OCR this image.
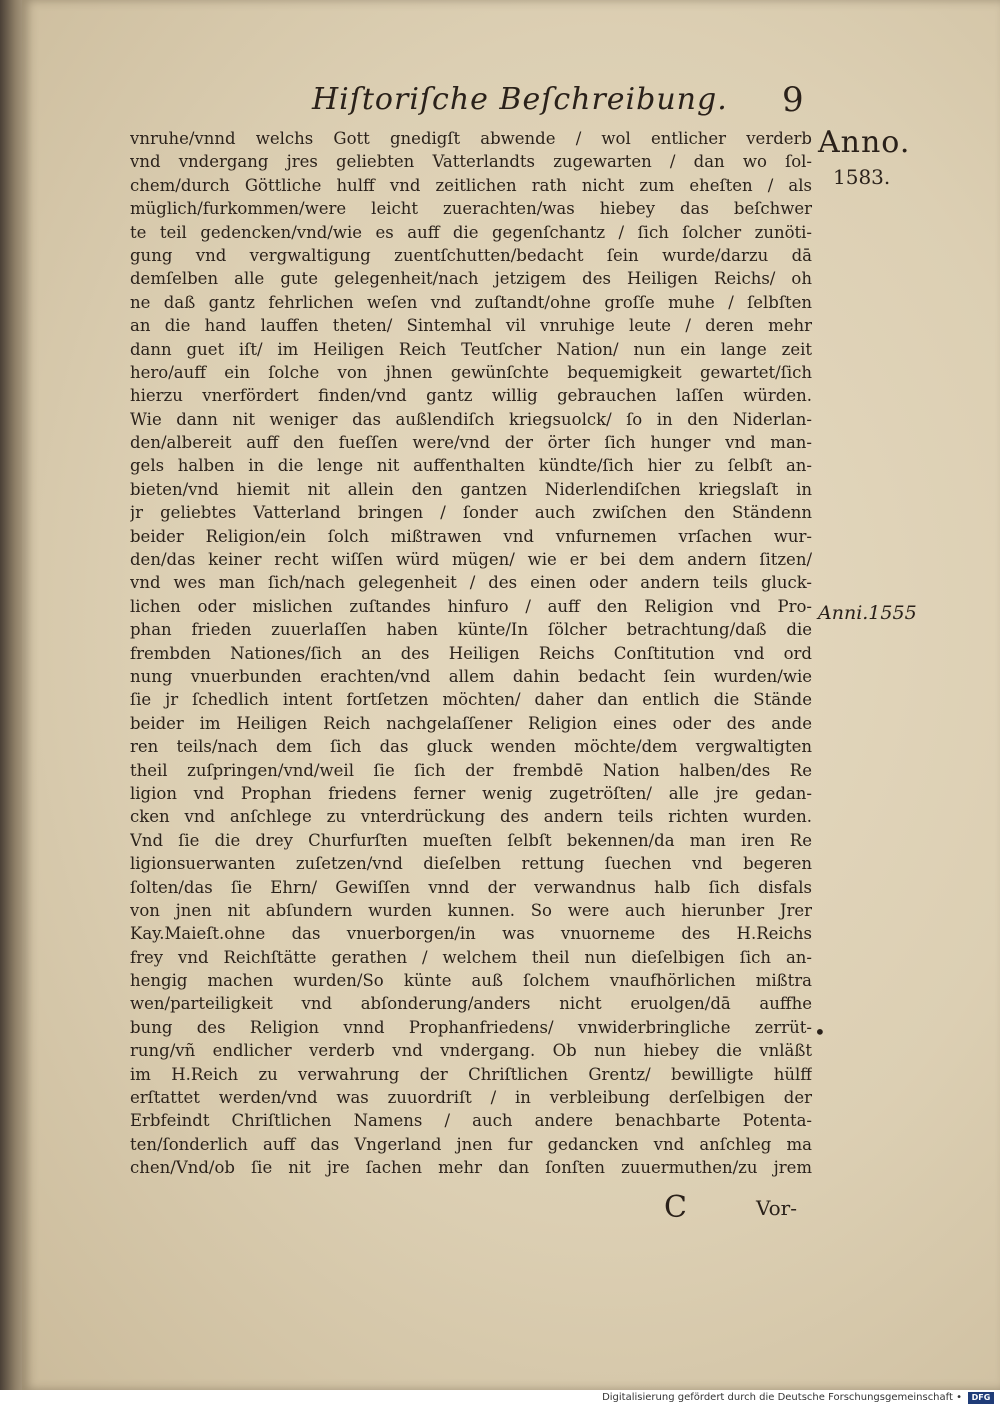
Hiſtoriſche Beſchreibung. 9
Anno.
1583.
Anni.1555
•
vnruhe/vnnd welchs Gott gnedigſt abwende / wol entlicher verderb
vnd vndergang jres geliebten Vatterlandts zugewarten / dan wo ſol-
chem/durch Göttliche hulff vnd zeitlichen rath nicht zum eheſten / als
müglich/furkommen/were leicht zuerachten/was hiebey das beſchwer
te teil gedencken/vnd/wie es auff die gegenſchantz / ſich ſolcher zunöti-
gung vnd vergwaltigung zuentſchutten/bedacht ſein wurde/darzu dā
demſelben alle gute gelegenheit/nach jetzigem des Heiligen Reichs/ oh
ne daß gantz fehrlichen weſen vnd zuſtandt/ohne groſſe muhe / ſelbſten
an die hand lauffen theten/ Sintemhal vil vnruhige leute / deren mehr
dann guet iſt/ im Heiligen Reich Teutſcher Nation/ nun ein lange zeit
hero/auff ein ſolche von jhnen gewünſchte bequemigkeit gewartet/ſich
hierzu vnerfördert finden/vnd gantz willig gebrauchen laſſen würden.
Wie dann nit weniger das außlendiſch kriegsuolck/ ſo in den Niderlan-
den/albereit auff den fueſſen were/vnd der örter ſich hunger vnd man-
gels halben in die lenge nit auffenthalten kündte/ſich hier zu ſelbſt an-
bieten/vnd hiemit nit allein den gantzen Niderlendiſchen kriegslaſt in
jr geliebtes Vatterland bringen / ſonder auch zwiſchen den Ständenn
beider Religion/ein ſolch mißtrawen vnd vnfurnemen vrſachen wur-
den/das keiner recht wiſſen würd mügen/ wie er bei dem andern ſitzen/
vnd wes man ſich/nach gelegenheit / des einen oder andern teils gluck-
lichen oder mislichen zuſtandes hinfuro / auff den Religion vnd Pro-
phan frieden zuuerlaſſen haben künte/In ſölcher betrachtung/daß die
frembden Nationes/ſich an des Heiligen Reichs Conſtitution vnd ord
nung vnuerbunden erachten/vnd allem dahin bedacht ſein wurden/wie
ſie jr ſchedlich intent fortſetzen möchten/ daher dan entlich die Stände
beider im Heiligen Reich nachgelaſſener Religion eines oder des ande
ren teils/nach dem ſich das gluck wenden möchte/dem vergwaltigten
theil zuſpringen/vnd/weil ſie ſich der frembdē Nation halben/des Re
ligion vnd Prophan friedens ferner wenig zugetröſten/ alle jre gedan-
cken vnd anſchlege zu vnterdrückung des andern teils richten wurden.
Vnd ſie die drey Churfurſten mueſten ſelbſt bekennen/da man iren Re
ligionsuerwanten zuſetzen/vnd dieſelben rettung ſuechen vnd begeren
ſolten/das ſie Ehrn/ Gewiſſen vnnd der verwandnus halb ſich disfals
von jnen nit abſundern wurden kunnen. So were auch hierunber Jrer
Kay.Maieſt.ohne das vnuerborgen/in was vnuorneme des H.Reichs
frey vnd Reichſtätte gerathen / welchem theil nun dieſelbigen ſich an-
hengig machen wurden/So künte auß ſolchem vnaufhörlichen mißtra
wen/parteiligkeit vnd abſonderung/anders nicht eruolgen/dā auffhe
bung des Religion vnnd Prophanfriedens/ vnwiderbringliche zerrüt-
rung/vñ endlicher verderb vnd vndergang. Ob nun hiebey die vnläßt
im H.Reich zu verwahrung der Chriſtlichen Grentz/ bewilligte hülff
erſtattet werden/vnd was zuuordriſt / in verbleibung derſelbigen der
Erbfeindt Chriſtlichen Namens / auch andere benachbarte Potenta-
ten/ſonderlich auff das Vngerland jnen fur gedancken vnd anſchleg ma
chen/Vnd/ob ſie nit jre ſachen mehr dan ſonſten zuuermuthen/zu jrem
C	Vor-
Digitalisierung gefördert durch die Deutsche Forschungsgemeinschaft •	DFG
